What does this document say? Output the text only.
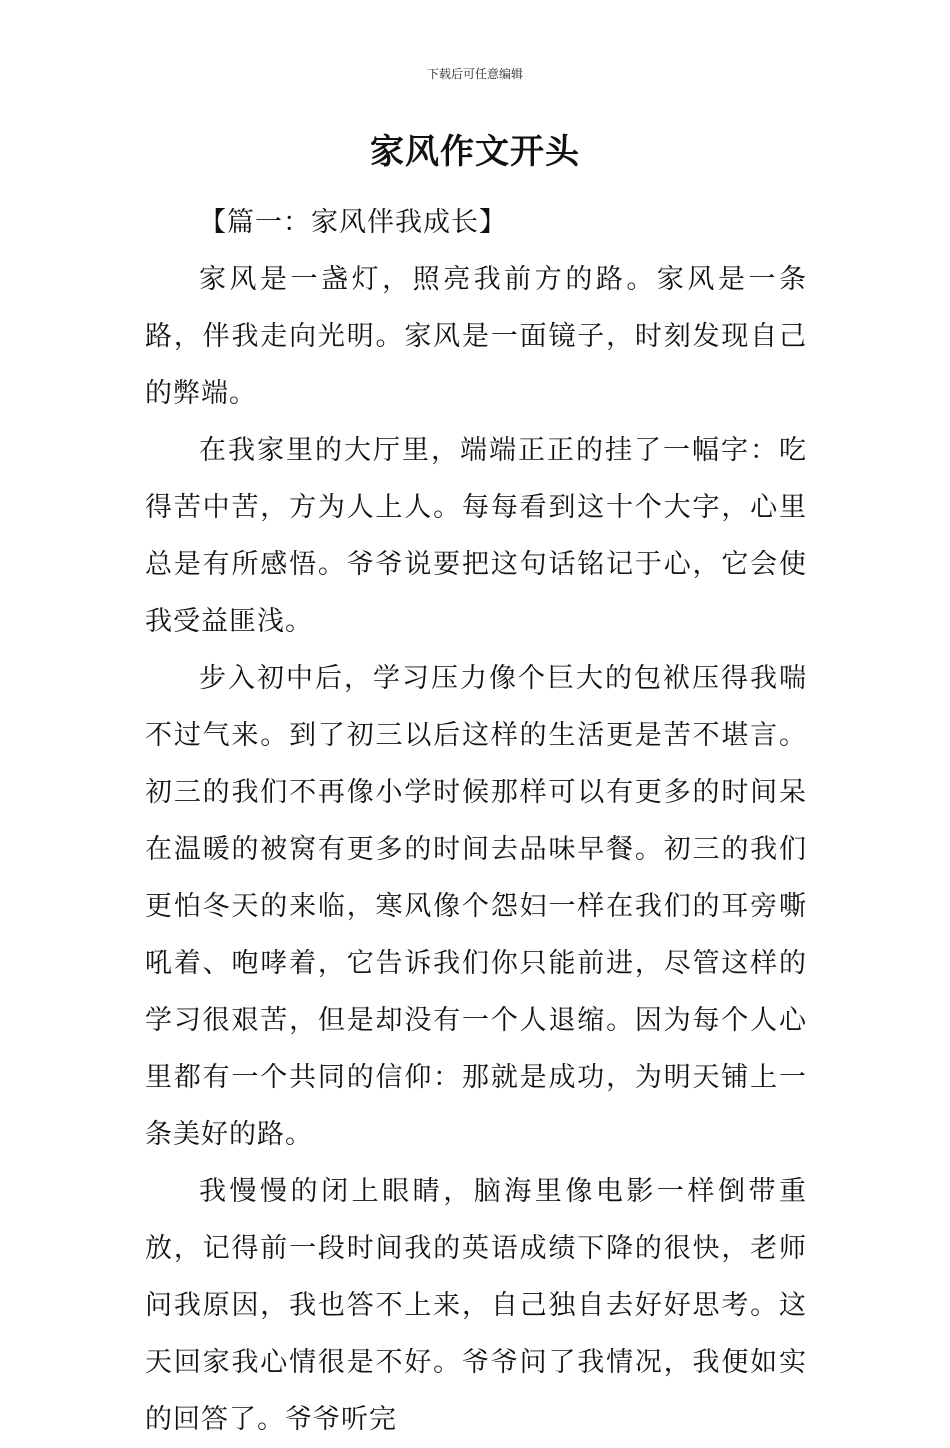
下载后可任意编辑
家风作文开头

【篇一：家风伴我成长】

家风是一盏灯，照亮我前方的路。家风是一条路，伴我走向光明。家风是一面镜子，时刻发现自己的弊端。

在我家里的大厅里，端端正正的挂了一幅字：吃得苦中苦，方为人上人。每每看到这十个大字，心里总是有所感悟。爷爷说要把这句话铭记于心，它会使我受益匪浅。

步入初中后，学习压力像个巨大的包袱压得我喘不过气来。到了初三以后这样的生活更是苦不堪言。初三的我们不再像小学时候那样可以有更多的时间呆在温暖的被窝有更多的时间去品味早餐。初三的我们更怕冬天的来临，寒风像个怨妇一样在我们的耳旁嘶吼着、咆哮着，它告诉我们你只能前进，尽管这样的学习很艰苦，但是却没有一个人退缩。因为每个人心里都有一个共同的信仰：那就是成功，为明天铺上一条美好的路。

我慢慢的闭上眼睛，脑海里像电影一样倒带重放，记得前一段时间我的英语成绩下降的很快，老师问我原因，我也答不上来，自己独自去好好思考。这天回家我心情很是不好。爷爷问了我情况，我便如实的回答了。爷爷听完
